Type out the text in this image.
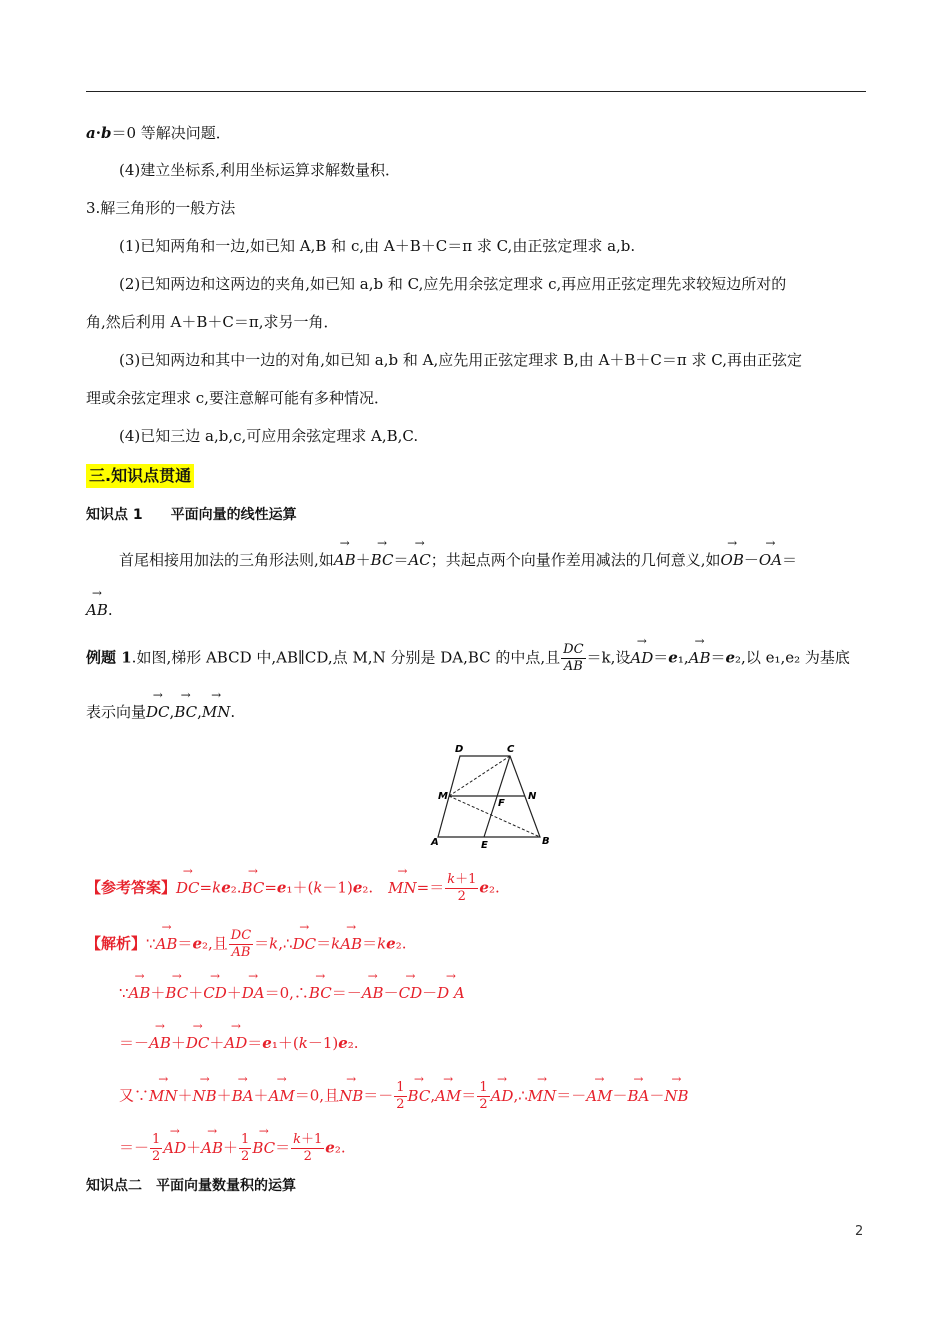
a·b＝0 等解决问题．
(4)建立坐标系,利用坐标运算求解数量积．
3.解三角形的一般方法
(1)已知两角和一边,如已知 A,B 和 c,由 A＋B＋C＝π 求 C,由正弦定理求 a,b.
(2)已知两边和这两边的夹角,如已知 a,b 和 C,应先用余弦定理求 c,再应用正弦定理先求较短边所对的
角,然后利用 A＋B＋C＝π,求另一角．
(3)已知两边和其中一边的对角,如已知 a,b 和 A,应先用正弦定理求 B,由 A＋B＋C＝π 求 C,再由正弦定
理或余弦定理求 c,要注意解可能有多种情况．
(4)已知三边 a,b,c,可应用余弦定理求 A,B,C.
三.知识点贯通
知识点 1　　平面向量的线性运算
首尾相接用加法的三角形法则,如→ AB＋→ BC＝→ AC；共起点两个向量作差用减法的几何意义,如→ OB－→ OA＝
→ AB.
例题 1.如图,梯形 ABCD 中,AB∥CD,点 M,N 分别是 DA,BC 的中点,且 $\frac{DC}{AB} =k$,设→ AD＝e₁,→ AB＝e₂,以 e₁,e₂ 为基底
表示向量→ DC,→ BC,→ MN.
D	C
M
F
N
A	E	B
【参考答案】→ DC=ke₂.→ BC=e₁＋(k－1)e₂.　→ $MN== \frac{k+1}{2} e_2$.
【解析】∵→ AB＝e₂,且 $\frac{DC}{AB}$ ＝k,∴→ DC＝k→ AB＝ke₂.
∵→ AB＋→ BC＋→ CD＋→ DA＝0,∴→ BC＝－→ AB－→ CD－→ D A
＝－→ AB＋→ DC＋→ AD＝e₁＋(k－1)e₂.
又∵→ MN＋→ NB＋→ BA＋→ AM＝0,且→ $NB=- \frac{1}{2}$
→ $BC,\to AM= \frac{1}{2}$
→ AD,∴→ MN＝－→ AM－→ BA－→ NB
＝－ $\frac{1}{2}$
→ $AD+\to AB+ \frac{1}{2}$
→ $BC= \frac{k+1}{2} e_2$.
知识点二　平面向量数量积的运算
2
